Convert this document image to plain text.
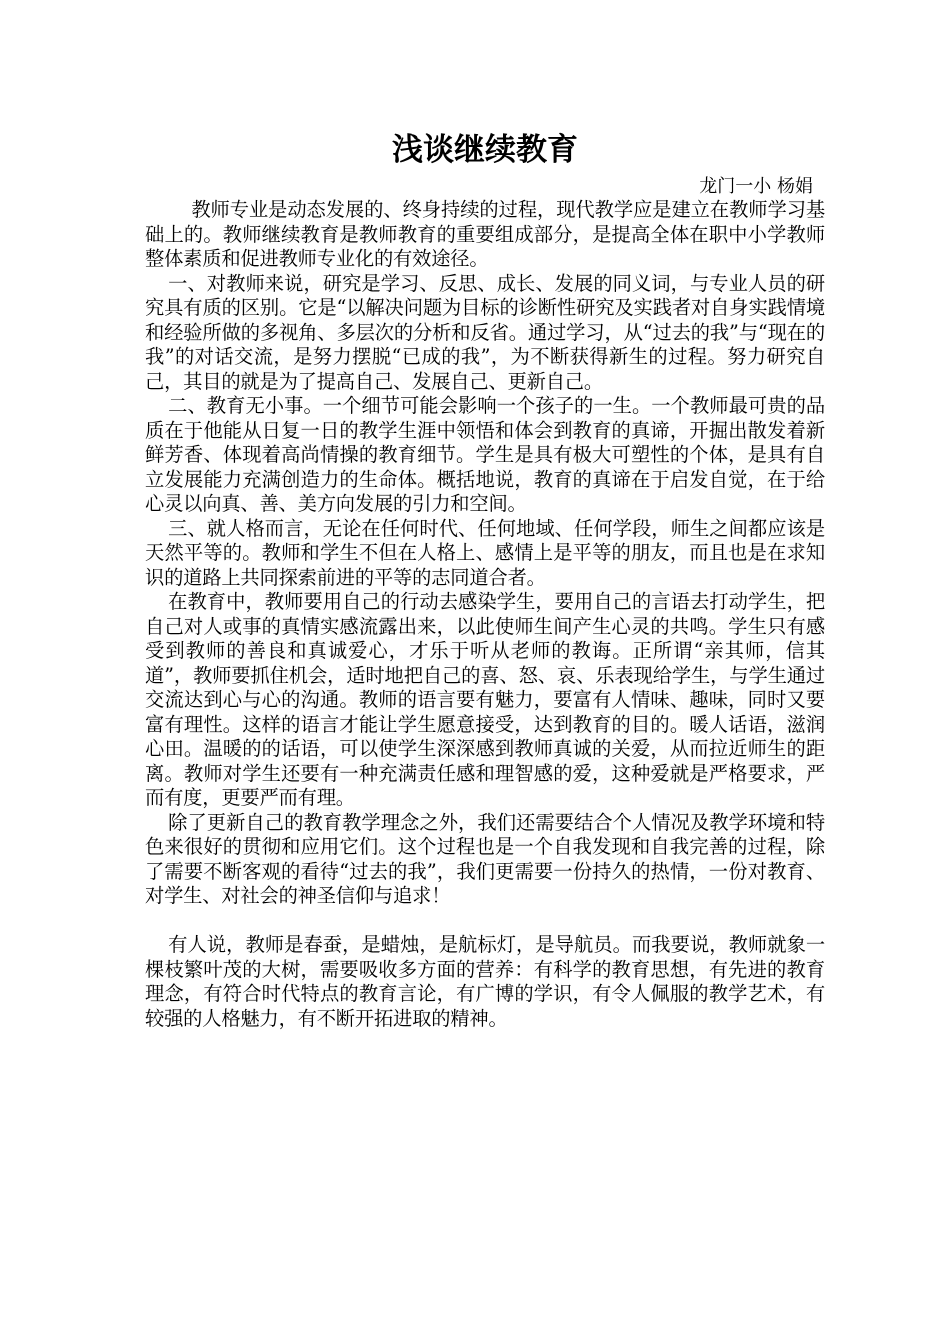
浅谈继续教育
龙门一小 杨娟

教师专业是动态发展的、终身持续的过程，现代教学应是建立在教师学习基础上的。教师继续教育是教师教育的重要组成部分，是提高全体在职中小学教师整体素质和促进教师专业化的有效途径。

一、对教师来说，研究是学习、反思、成长、发展的同义词，与专业人员的研究具有质的区别。它是“以解决问题为目标的诊断性研究及实践者对自身实践情境和经验所做的多视角、多层次的分析和反省。通过学习，从“过去的我”与“现在的我”的对话交流，是努力摆脱“已成的我”，为不断获得新生的过程。努力研究自己，其目的就是为了提高自己、发展自己、更新自己。

二、教育无小事。一个细节可能会影响一个孩子的一生。一个教师最可贵的品质在于他能从日复一日的教学生涯中领悟和体会到教育的真谛，开掘出散发着新鲜芳香、体现着高尚情操的教育细节。学生是具有极大可塑性的个体，是具有自立发展能力充满创造力的生命体。概括地说，教育的真谛在于启发自觉，在于给心灵以向真、善、美方向发展的引力和空间。

三、就人格而言，无论在任何时代、任何地域、任何学段，师生之间都应该是天然平等的。教师和学生不但在人格上、感情上是平等的朋友，而且也是在求知识的道路上共同探索前进的平等的志同道合者。

在教育中，教师要用自己的行动去感染学生，要用自己的言语去打动学生，把自己对人或事的真情实感流露出来，以此使师生间产生心灵的共鸣。学生只有感受到教师的善良和真诚爱心，才乐于听从老师的教诲。正所谓“亲其师，信其道”，教师要抓住机会，适时地把自己的喜、怒、哀、乐表现给学生，与学生通过交流达到心与心的沟通。教师的语言要有魅力，要富有人情味、趣味，同时又要富有理性。这样的语言才能让学生愿意接受，达到教育的目的。暖人话语，滋润心田。温暖的的话语，可以使学生深深感到教师真诚的关爱，从而拉近师生的距离。教师对学生还要有一种充满责任感和理智感的爱，这种爱就是严格要求，严而有度，更要严而有理。

除了更新自己的教育教学理念之外，我们还需要结合个人情况及教学环境和特色来很好的贯彻和应用它们。这个过程也是一个自我发现和自我完善的过程，除了需要不断客观的看待“过去的我”，我们更需要一份持久的热情，一份对教育、对学生、对社会的神圣信仰与追求！

有人说，教师是春蚕，是蜡烛，是航标灯，是导航员。而我要说，教师就象一棵枝繁叶茂的大树，需要吸收多方面的营养：有科学的教育思想，有先进的教育理念，有符合时代特点的教育言论，有广博的学识，有令人佩服的教学艺术，有较强的人格魅力，有不断开拓进取的精神。
